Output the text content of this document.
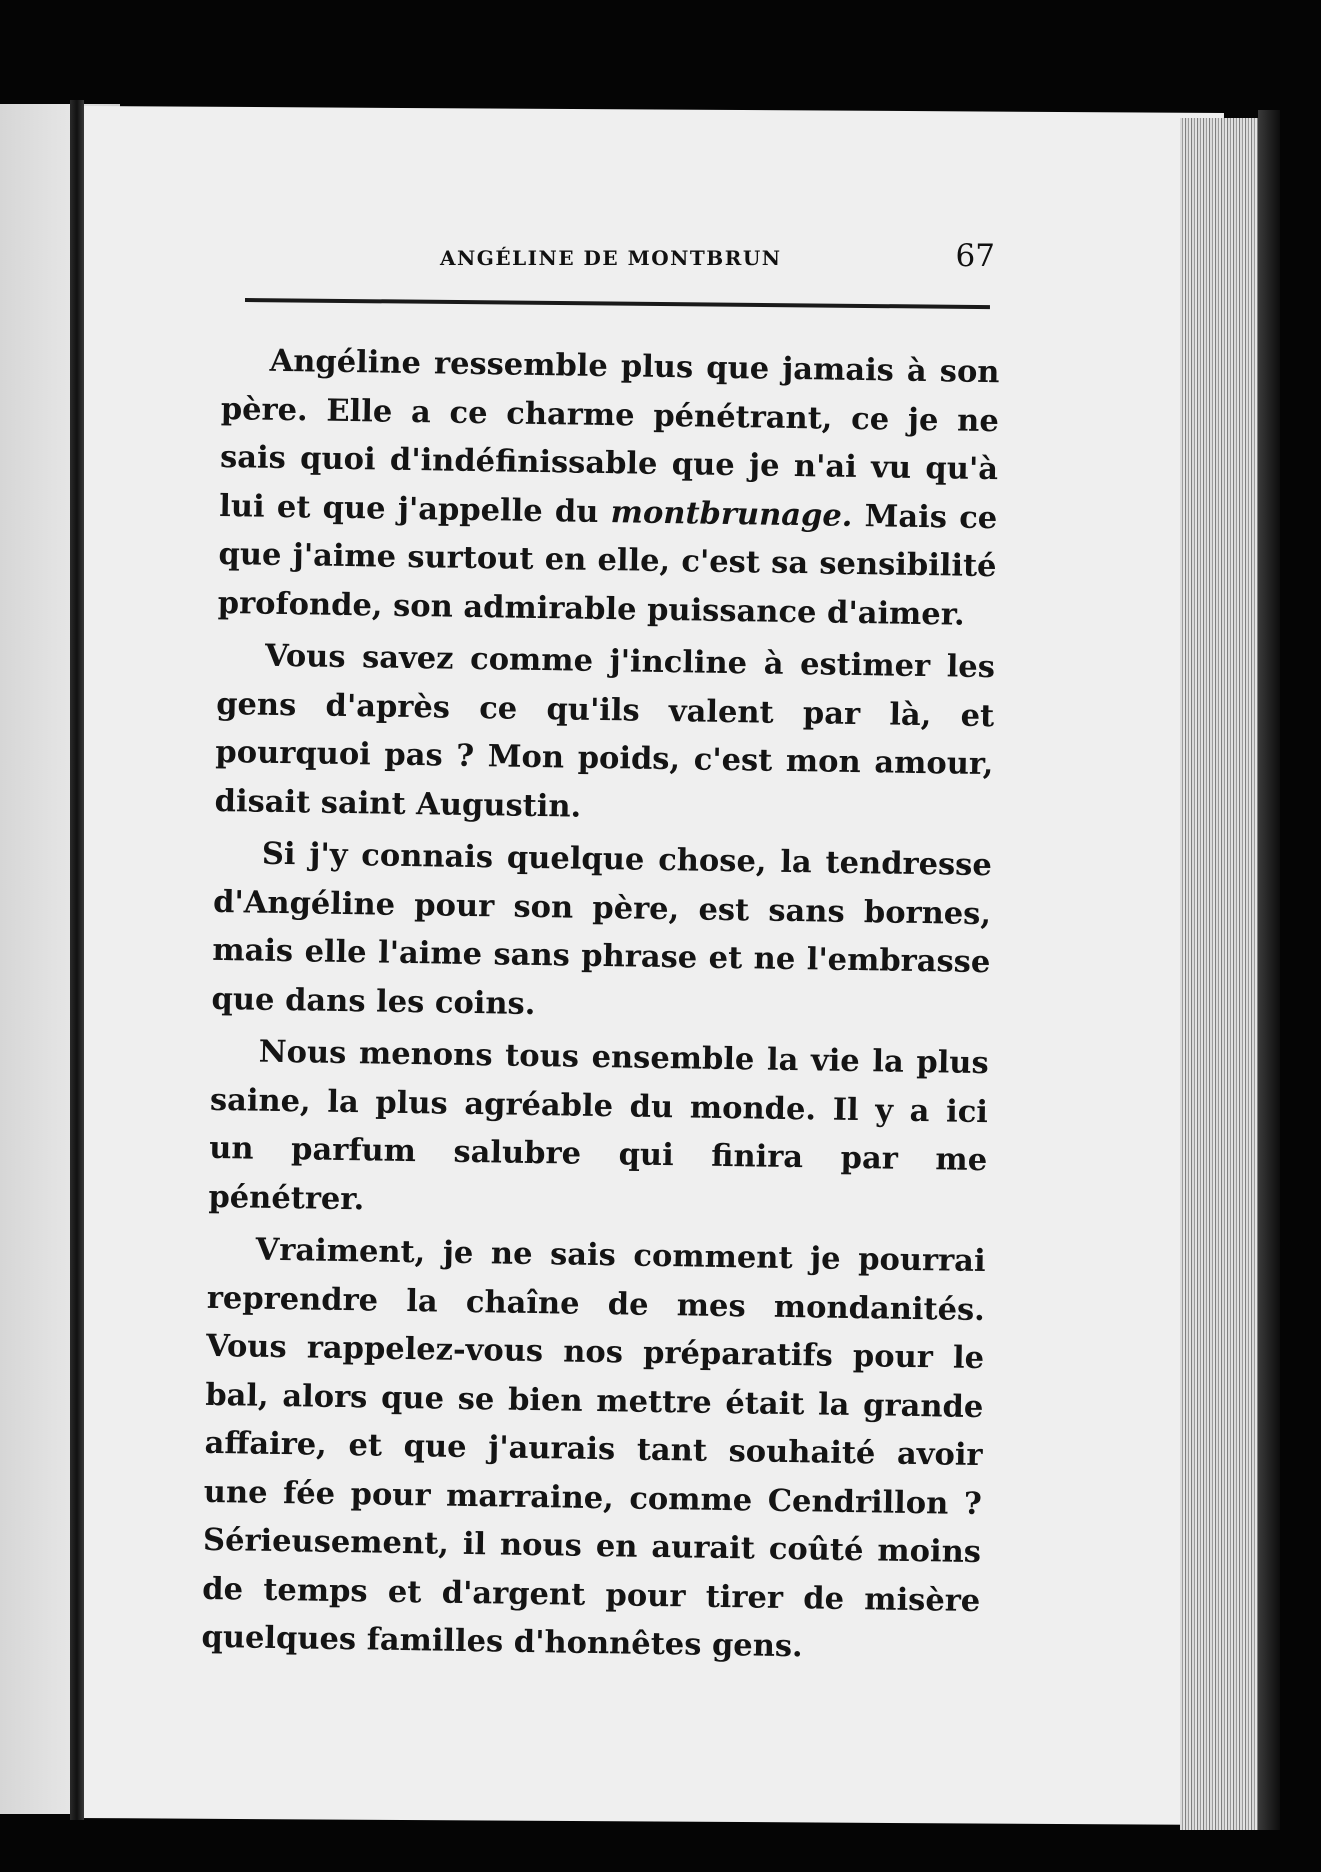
ANGÉLINE DE MONTBRUN	67

Angéline ressemble plus que jamais à son père. Elle a ce charme pénétrant, ce je ne sais quoi d'indéfinissable que je n'ai vu qu'à lui et que j'appelle du montbrunage. Mais ce que j'aime surtout en elle, c'est sa sensibilité profonde, son admirable puissance d'aimer.

Vous savez comme j'incline à estimer les gens d'après ce qu'ils valent par là, et pourquoi pas ? Mon poids, c'est mon amour, disait saint Augustin.

Si j'y connais quelque chose, la tendresse d'Angéline pour son père, est sans bornes, mais elle l'aime sans phrase et ne l'embrasse que dans les coins.

Nous menons tous ensemble la vie la plus saine, la plus agréable du monde. Il y a ici un parfum salubre qui finira par me pénétrer.

Vraiment, je ne sais comment je pourrai reprendre la chaîne de mes mondanités. Vous rappelez-vous nos préparatifs pour le bal, alors que se bien mettre était la grande affaire, et que j'aurais tant souhaité avoir une fée pour marraine, comme Cendrillon ? Sérieusement, il nous en aurait coûté moins de temps et d'argent pour tirer de misère quelques familles d'honnêtes gens.
